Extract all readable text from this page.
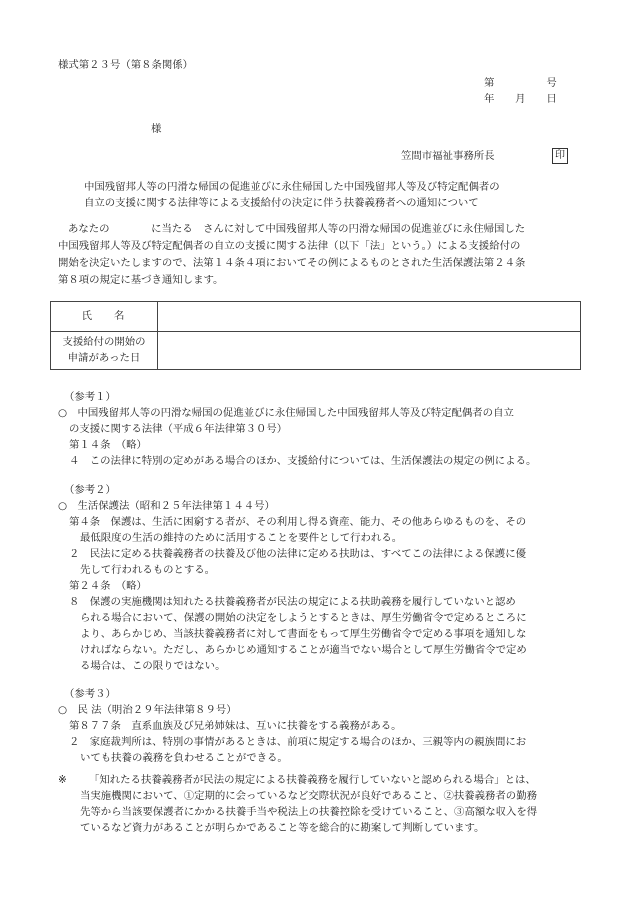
様式第２３号（第８条関係）
第　　　　　号
年　　月　　日
様
笠間市福祉事務所長	印
中国残留邦人等の円滑な帰国の促進並びに永住帰国した中国残留邦人等及び特定配偶者の
自立の支援に関する法律等による支援給付の決定に伴う扶養義務者への通知について
あなたの　　　　に当たる　さんに対して中国残留邦人等の円滑な帰国の促進並びに永住帰国した
中国残留邦人等及び特定配偶者の自立の支援に関する法律（以下「法」という。）による支援給付の
開始を決定いたしますので、法第１４条４項においてその例によるものとされた生活保護法第２４条
第８項の規定に基づき通知します。
氏名	
支援給付の開始の
申請があった日	
（参考１）
○　中国残留邦人等の円滑な帰国の促進並びに永住帰国した中国残留邦人等及び特定配偶者の自立
の支援に関する法律（平成６年法律第３０号）
第１４条　（略）
４　この法律に特別の定めがある場合のほか、支援給付については、生活保護法の規定の例による。
（参考２）
○　生活保護法（昭和２５年法律第１４４号）
第４条　保護は、生活に困窮する者が、その利用し得る資産、能力、その他あらゆるものを、その
最低限度の生活の維持のために活用することを要件として行われる。
２　民法に定める扶養義務者の扶養及び他の法律に定める扶助は、すべてこの法律による保護に優
先して行われるものとする。
第２４条　（略）
８　保護の実施機関は知れたる扶養義務者が民法の規定による扶助義務を履行していないと認め
られる場合において、保護の開始の決定をしようとするときは、厚生労働省令で定めるところに
より、あらかじめ、当該扶養義務者に対して書面をもって厚生労働省令で定める事項を通知しな
ければならない。ただし、あらかじめ通知することが適当でない場合として厚生労働省令で定め
る場合は、この限りではない。
（参考３）
○　民 法（明治２９年法律第８９号）
第８７７条　直系血族及び兄弟姉妹は、互いに扶養をする義務がある。
２　家庭裁判所は、特別の事情があるときは、前項に規定する場合のほか、三親等内の親族間にお
いても扶養の義務を負わせることができる。
※ 「知れたる扶養義務者が民法の規定による扶養義務を履行していないと認められる場合」とは、
当実施機関において、①定期的に会っているなど交際状況が良好であること、②扶養義務者の勤務
先等から当該要保護者にかかる扶養手当や税法上の扶養控除を受けていること、③高額な収入を得
ているなど資力があることが明らかであること等を総合的に勘案して判断しています。
